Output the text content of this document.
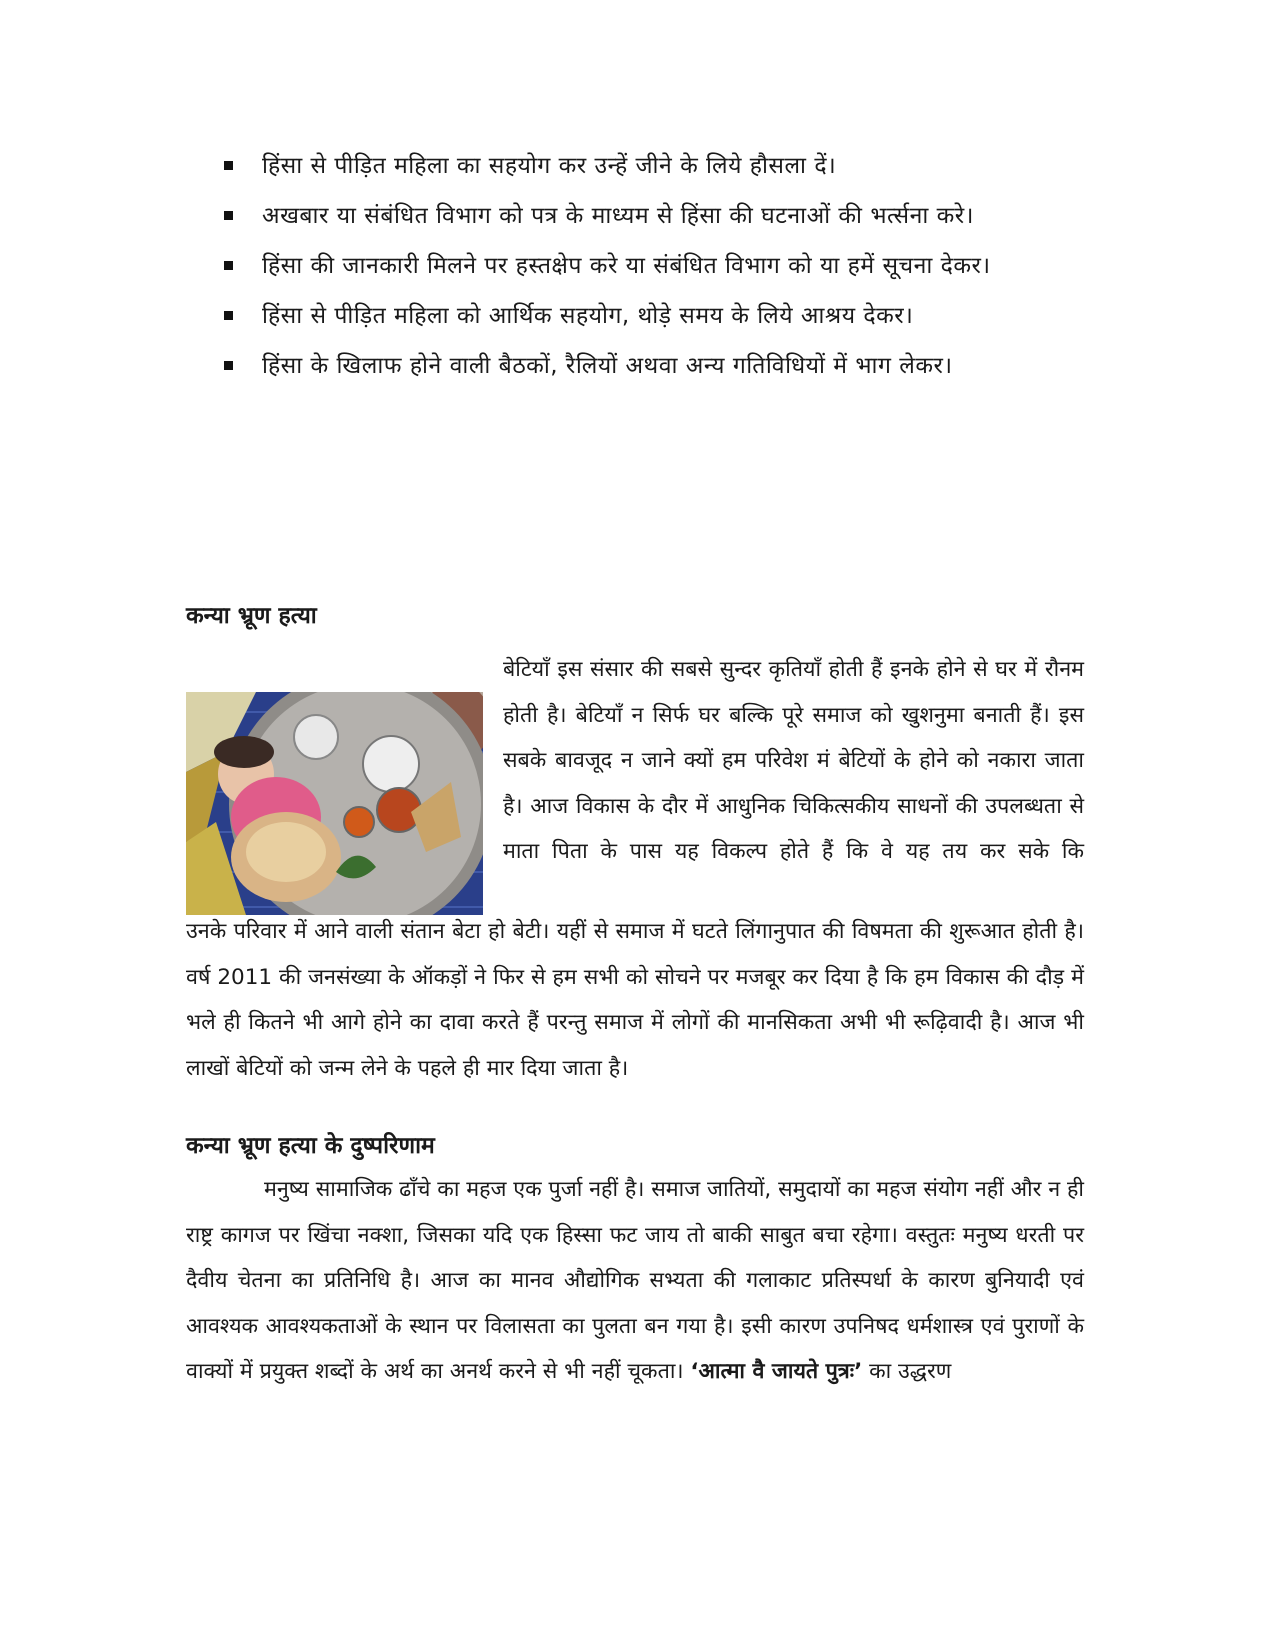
हिंसा से पीड़ित महिला का सहयोग कर उन्हें जीने के लिये हौसला दें।
अखबार या संबंधित विभाग को पत्र के माध्यम से हिंसा की घटनाओं की भर्त्सना करे।
हिंसा की जानकारी मिलने पर हस्तक्षेप करे या संबंधित विभाग को या हमें सूचना देकर।
हिंसा से पीड़ित महिला को आर्थिक सहयोग, थोड़े समय के लिये आश्रय देकर।
हिंसा के खिलाफ होने वाली बैठकों, रैलियों अथवा अन्य गतिविधियों में भाग लेकर।
कन्या भ्रूण हत्या

बेटियॉं इस संसार की सबसे सुन्दर कृतियॉं होती हैं इनके होने से घर में रौनम होती है। बेटियॉं न सिर्फ घर बल्कि पूरे समाज को खुशनुमा बनाती हैं। इस सबके बावजूद न जाने क्यों हम परिवेश मं बेटियों के होने को नकारा जाता है। आज विकास के दौर में आधुनिक चिकित्सकीय साधनों की उपलब्धता से माता पिता के पास यह विकल्प होते हैं कि वे यह तय कर सके कि

उनके परिवार में आने वाली संतान बेटा हो बेटी। यहीं से समाज में घटते लिंगानुपात की विषमता की शुरूआत होती है। वर्ष 2011 की जनसंख्या के ऑकड़ों ने फिर से हम सभी को सोचने पर मजबूर कर दिया है कि हम विकास की दौड़ में भले ही कितने भी आगे होने का दावा करते हैं परन्तु समाज में लोगों की मानसिकता अभी भी रूढ़िवादी है। आज भी लाखों बेटियों को जन्म लेने के पहले ही मार दिया जाता है।

कन्या भ्रूण हत्या के दुष्परिणाम

मनुष्य सामाजिक ढॉंचे का महज एक पुर्जा नहीं है। समाज जातियों, समुदायों का महज संयोग नहीं और न ही राष्ट्र कागज पर खिंचा नक्शा, जिसका यदि एक हिस्सा फट जाय तो बाकी साबुत बचा रहेगा। वस्तुतः मनुष्य धरती पर दैवीय चेतना का प्रतिनिधि है। आज का मानव औद्योगिक सभ्यता की गलाकाट प्रतिस्पर्धा के कारण बुनियादी एवं आवश्यक आवश्यकताओं के स्थान पर विलासता का पुलता बन गया है। इसी कारण उपनिषद धर्मशास्त्र एवं पुराणों के वाक्यों में प्रयुक्त शब्दों के अर्थ का अनर्थ करने से भी नहीं चूकता। ‘आत्मा वै जायते पुत्रः’ का उद्धरण
